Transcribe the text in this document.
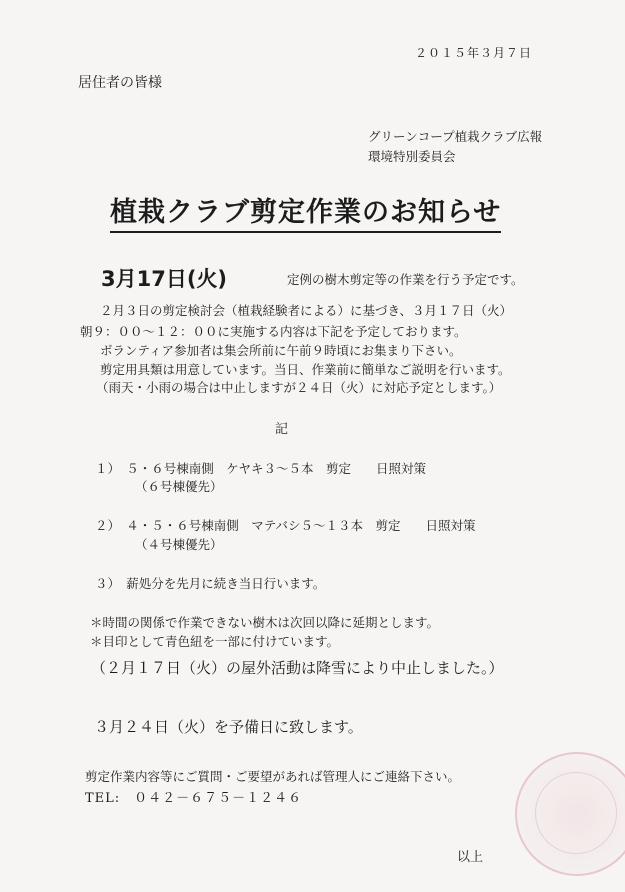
２０１５年３月７日
居住者の皆様
グリーンコープ植栽クラブ広報
環境特別委員会
植栽クラブ剪定作業のお知らせ
3月17日(火)	定例の樹木剪定等の作業を行う予定です。
２月３日の剪定検討会（植栽経験者による）に基づき、３月１７日（火）
朝９：００～１２：００に実施する内容は下記を予定しております。
ボランティア参加者は集会所前に午前９時頃にお集まり下さい。
剪定用具類は用意しています。当日、作業前に簡単なご説明を行います。
（雨天・小雨の場合は中止しますが２４日（火）に対応予定とします。）
記
１）　５・６号棟南側　ケヤキ３～５本　剪定　　日照対策
（６号棟優先）
２）　４・５・６号棟南側　マテバシ５～１３本　剪定　　日照対策
（４号棟優先）
３）　薪処分を先月に続き当日行います。
＊時間の関係で作業できない樹木は次回以降に延期とします。
＊目印として青色紐を一部に付けています。
（２月１７日（火）の屋外活動は降雪により中止しました。）
３月２４日（火）を予備日に致します。
剪定作業内容等にご質問・ご要望があれば管理人にご連絡下さい。
TEL:　０４２－６７５－１２４６
以上
